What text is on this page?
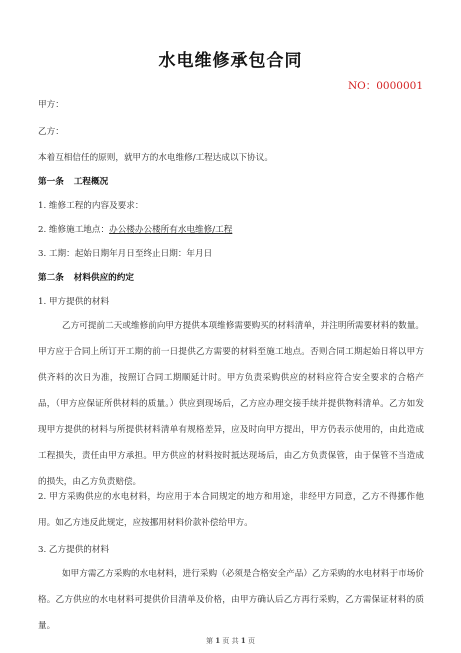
水电维修承包合同
NO：0000001
甲方：
乙方：
本着互相信任的原则，就甲方的水电维修/工程达成以下协议。
第一条 工程概况
1. 维修工程的内容及要求：
2. 维修施工地点：办公楼办公楼所有水电维修/工程
3. 工期：起始日期年月日至终止日期：年月日
第二条 材料供应的约定
1. 甲方提供的材料
乙方可提前二天或维修前向甲方提供本项维修需要购买的材料清单，并注明所需要材料的数量。甲方应于合同上所订开工期的前一日提供乙方需要的材料至施工地点。否则合同工期起始日将以甲方供齐料的次日为准，按照订合同工期顺延计时。甲方负责采购供应的材料应符合安全要求的合格产品，（甲方应保证所供材料的质量。）供应到现场后，乙方应办理交接手续并提供物料清单。乙方如发现甲方提供的材料与所提供材料清单有规格差异，应及时向甲方提出，甲方仍表示使用的，由此造成工程损失，责任由甲方承担。甲方供应的材料按时抵达现场后，由乙方负责保管，由于保管不当造成的损失，由乙方负责赔偿。
2. 甲方采购供应的水电材料，均应用于本合同规定的地方和用途，非经甲方同意，乙方不得挪作他用。如乙方违反此规定，应按挪用材料价款补偿给甲方。
3. 乙方提供的材料
如甲方需乙方采购的水电材料，进行采购（必须是合格安全产品）乙方采购的水电材料于市场价格。乙方供应的水电材料可提供价目清单及价格，由甲方确认后乙方再行采购，乙方需保证材料的质量。
第 1 页 共 1 页
